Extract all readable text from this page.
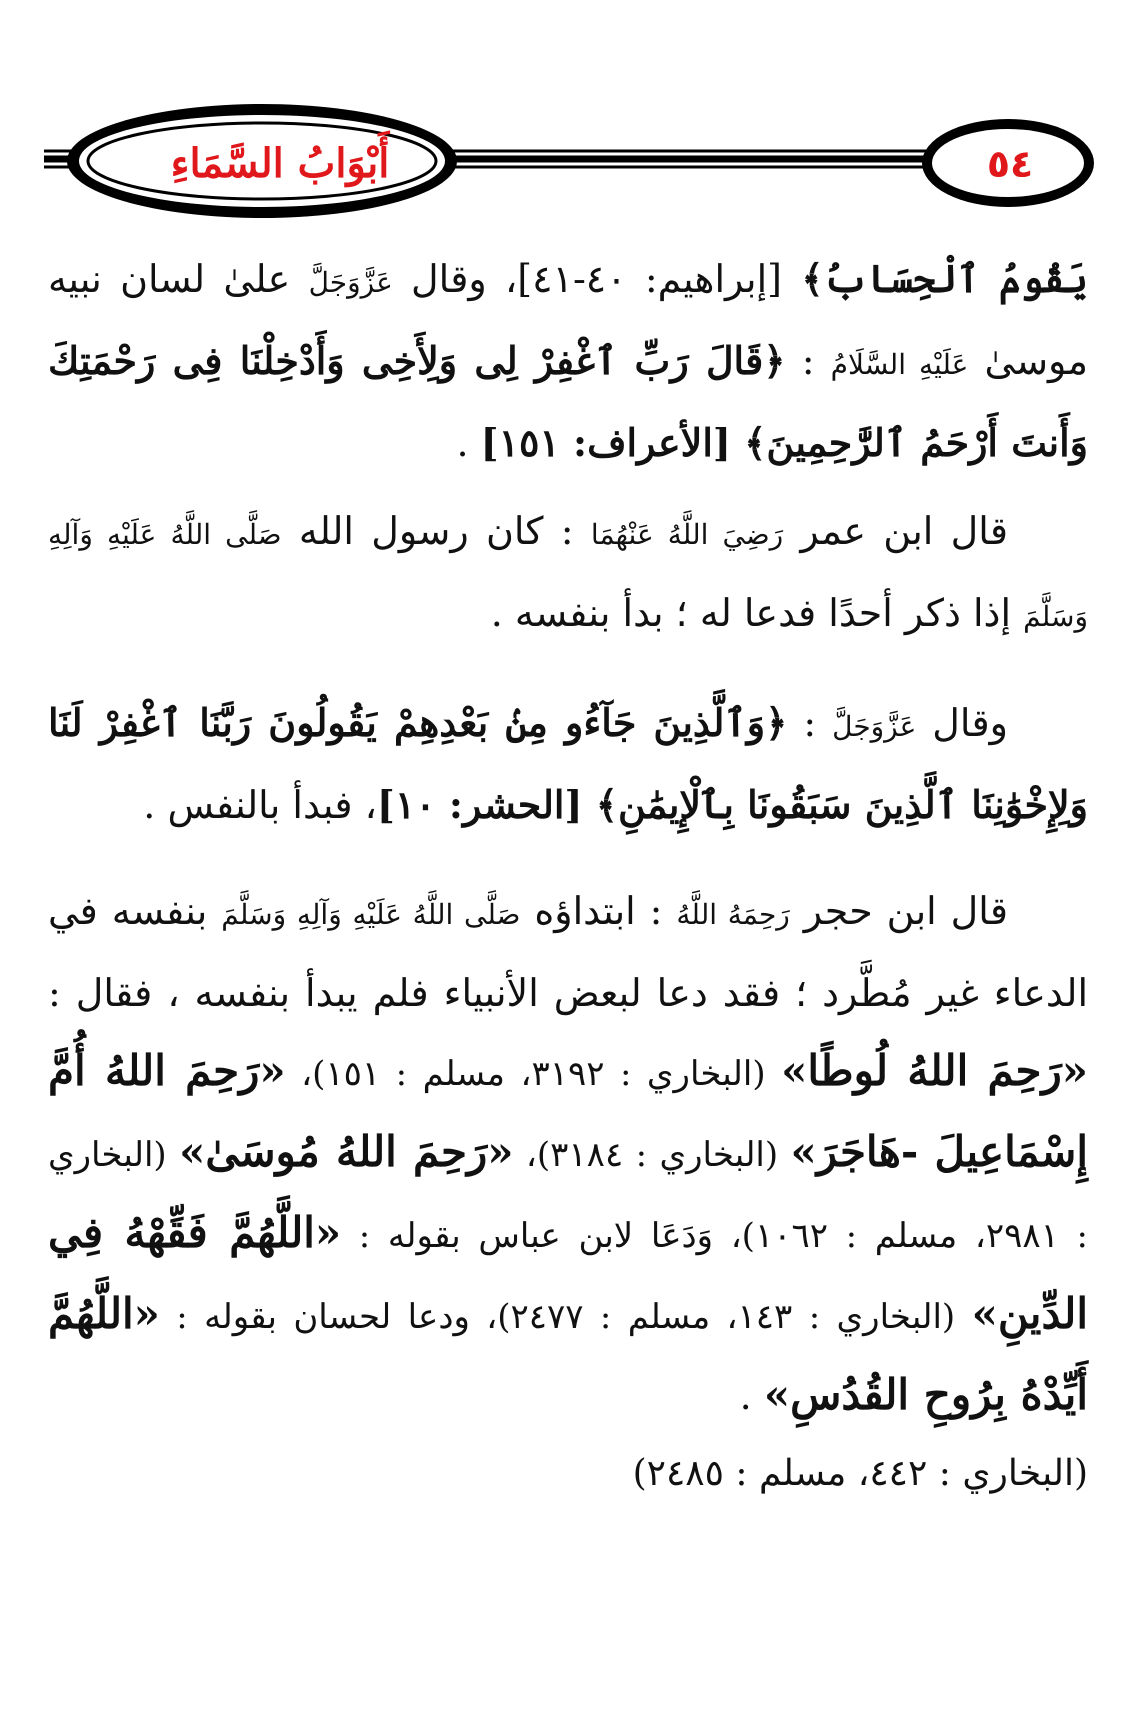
أَبْوَابُ السَّمَاءِ	٥٤

يَقُومُ ٱلْحِسَابُ﴾ [إبراهيم: ٤٠-٤١]، وقال عَزَّوَجَلَّ علىٰ لسان نبيه موسىٰ عَلَيْهِ السَّلَامُ : ﴿قَالَ رَبِّ ٱغْفِرْ لِى وَلِأَخِى وَأَدْخِلْنَا فِى رَحْمَتِكَ وَأَنتَ أَرْحَمُ ٱلرَّٰحِمِينَ﴾ [الأعراف: ١٥١] .

قال ابن عمر رَضِيَ اللَّهُ عَنْهُمَا : كان رسول الله صَلَّى اللَّهُ عَلَيْهِ وَآلِهِ وَسَلَّمَ إذا ذكر أحدًا فدعا له ؛ بدأ بنفسه .

وقال عَزَّوَجَلَّ : ﴿وَٱلَّذِينَ جَآءُو مِنۢ بَعْدِهِمْ يَقُولُونَ رَبَّنَا ٱغْفِرْ لَنَا وَلِإِخْوَٰنِنَا ٱلَّذِينَ سَبَقُونَا بِٱلْإِيمَٰنِ﴾ [الحشر: ١٠]، فبدأ بالنفس .

قال ابن حجر رَحِمَهُ اللَّهُ : ابتداؤه صَلَّى اللَّهُ عَلَيْهِ وَآلِهِ وَسَلَّمَ بنفسه في الدعاء غير مُطَّرد ؛ فقد دعا لبعض الأنبياء فلم يبدأ بنفسه ، فقال : «رَحِمَ اللهُ لُوطًا» (البخاري : ٣١٩٢، مسلم : ١٥١)، «رَحِمَ اللهُ أُمَّ إِسْمَاعِيلَ -هَاجَرَ» (البخاري : ٣١٨٤)، «رَحِمَ اللهُ مُوسَىٰ» (البخاري : ٢٩٨١، مسلم : ١٠٦٢)، وَدَعَا لابن عباس بقوله : «اللَّهُمَّ فَقِّهْهُ فِي الدِّينِ» (البخاري : ١٤٣، مسلم : ٢٤٧٧)، ودعا لحسان بقوله : «اللَّهُمَّ أَيِّدْهُ بِرُوحِ القُدُسِ» .

(البخاري : ٤٤٢، مسلم : ٢٤٨٥)
